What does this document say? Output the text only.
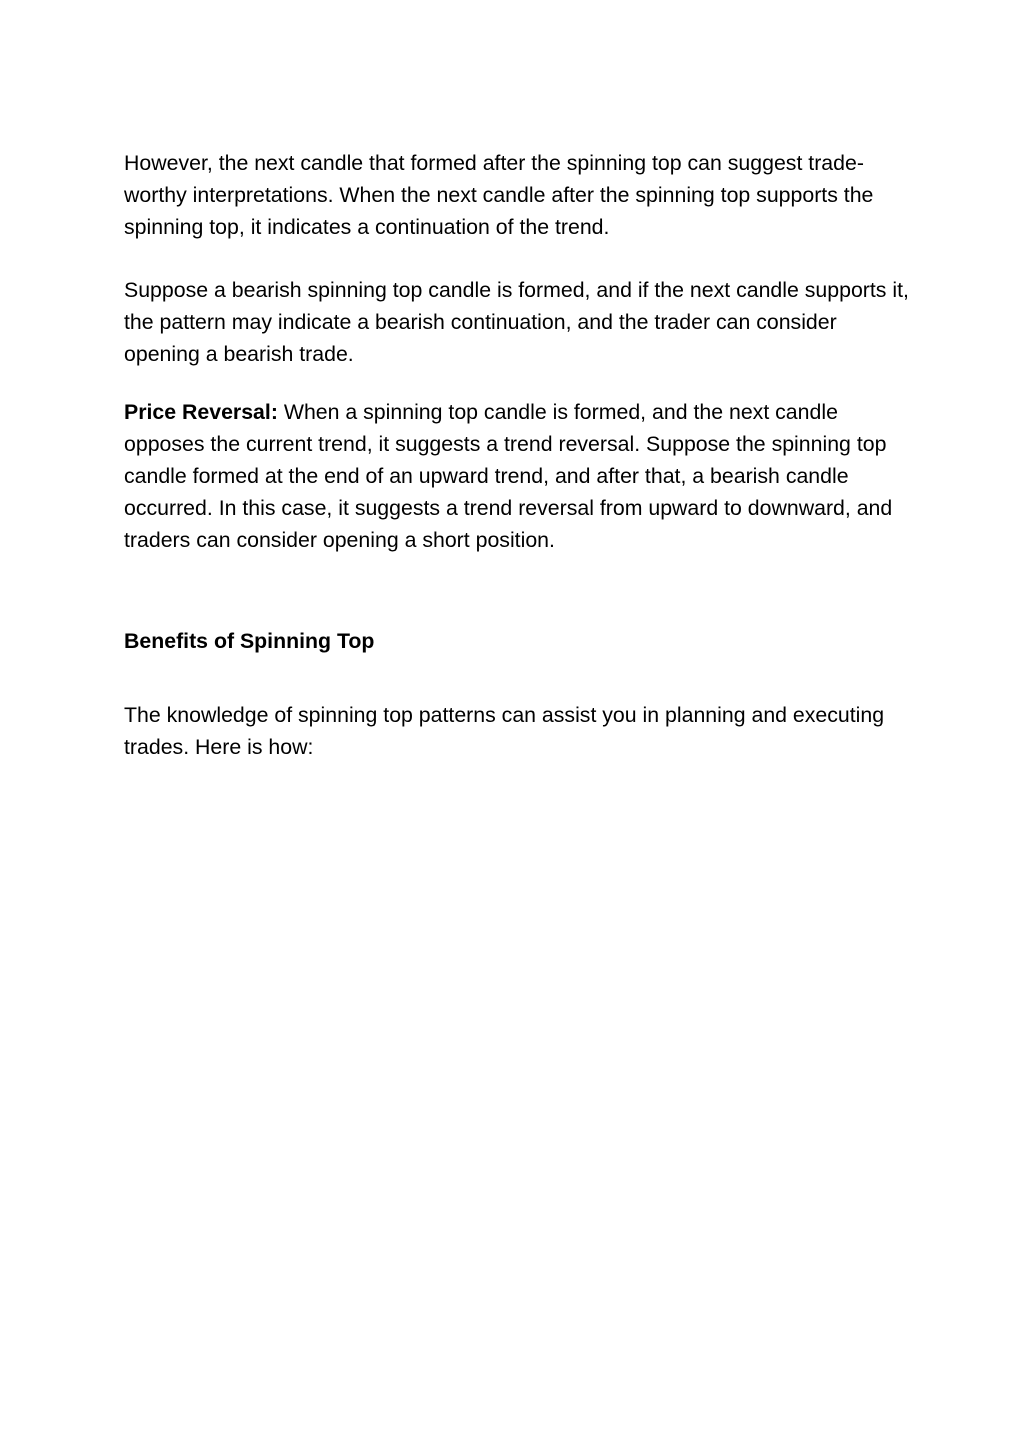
However, the next candle that formed after the spinning top can suggest trade-worthy interpretations. When the next candle after the spinning top supports the spinning top, it indicates a continuation of the trend.

Suppose a bearish spinning top candle is formed, and if the next candle supports it, the pattern may indicate a bearish continuation, and the trader can consider opening a bearish trade.

Price Reversal: When a spinning top candle is formed, and the next candle opposes the current trend, it suggests a trend reversal. Suppose the spinning top candle formed at the end of an upward trend, and after that, a bearish candle occurred. In this case, it suggests a trend reversal from upward to downward, and traders can consider opening a short position.

Benefits of Spinning Top

The knowledge of spinning top patterns can assist you in planning and executing trades. Here is how:
